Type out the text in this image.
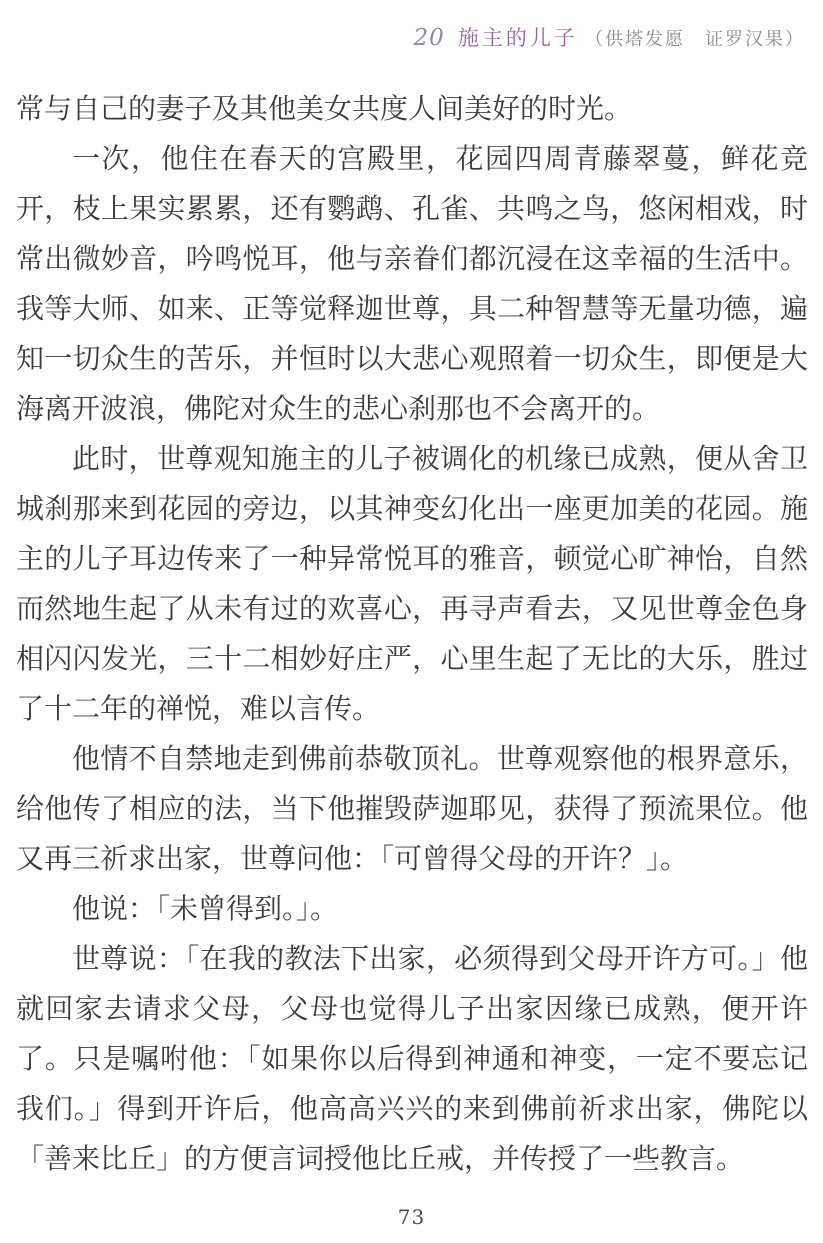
20 施主的儿子 （供塔发愿　证罗汉果）

常与自己的妻子及其他美女共度人间美好的时光。

一次，他住在春天的宫殿里，花园四周青藤翠蔓，鲜花竞开，枝上果实累累，还有鹦鹉、孔雀、共鸣之鸟，悠闲相戏，时常出微妙音，吟鸣悦耳，他与亲眷们都沉浸在这幸福的生活中。我等大师、如来、正等觉释迦世尊，具二种智慧等无量功德，遍知一切众生的苦乐，并恒时以大悲心观照着一切众生，即便是大海离开波浪，佛陀对众生的悲心刹那也不会离开的。

此时，世尊观知施主的儿子被调化的机缘已成熟，便从舍卫城刹那来到花园的旁边，以其神变幻化出一座更加美的花园。施主的儿子耳边传来了一种异常悦耳的雅音，顿觉心旷神怡，自然而然地生起了从未有过的欢喜心，再寻声看去，又见世尊金色身相闪闪发光，三十二相妙好庄严，心里生起了无比的大乐，胜过了十二年的禅悦，难以言传。

他情不自禁地走到佛前恭敬顶礼。世尊观察他的根界意乐，给他传了相应的法，当下他摧毁萨迦耶见，获得了预流果位。他又再三祈求出家，世尊问他：「可曾得父母的开许？」。

他说：「未曾得到。」。

世尊说：「在我的教法下出家，必须得到父母开许方可。」他就回家去请求父母，父母也觉得儿子出家因缘已成熟，便开许了。只是嘱咐他：「如果你以后得到神通和神变，一定不要忘记我们。」得到开许后，他高高兴兴的来到佛前祈求出家，佛陀以「善来比丘」的方便言词授他比丘戒，并传授了一些教言。

73
